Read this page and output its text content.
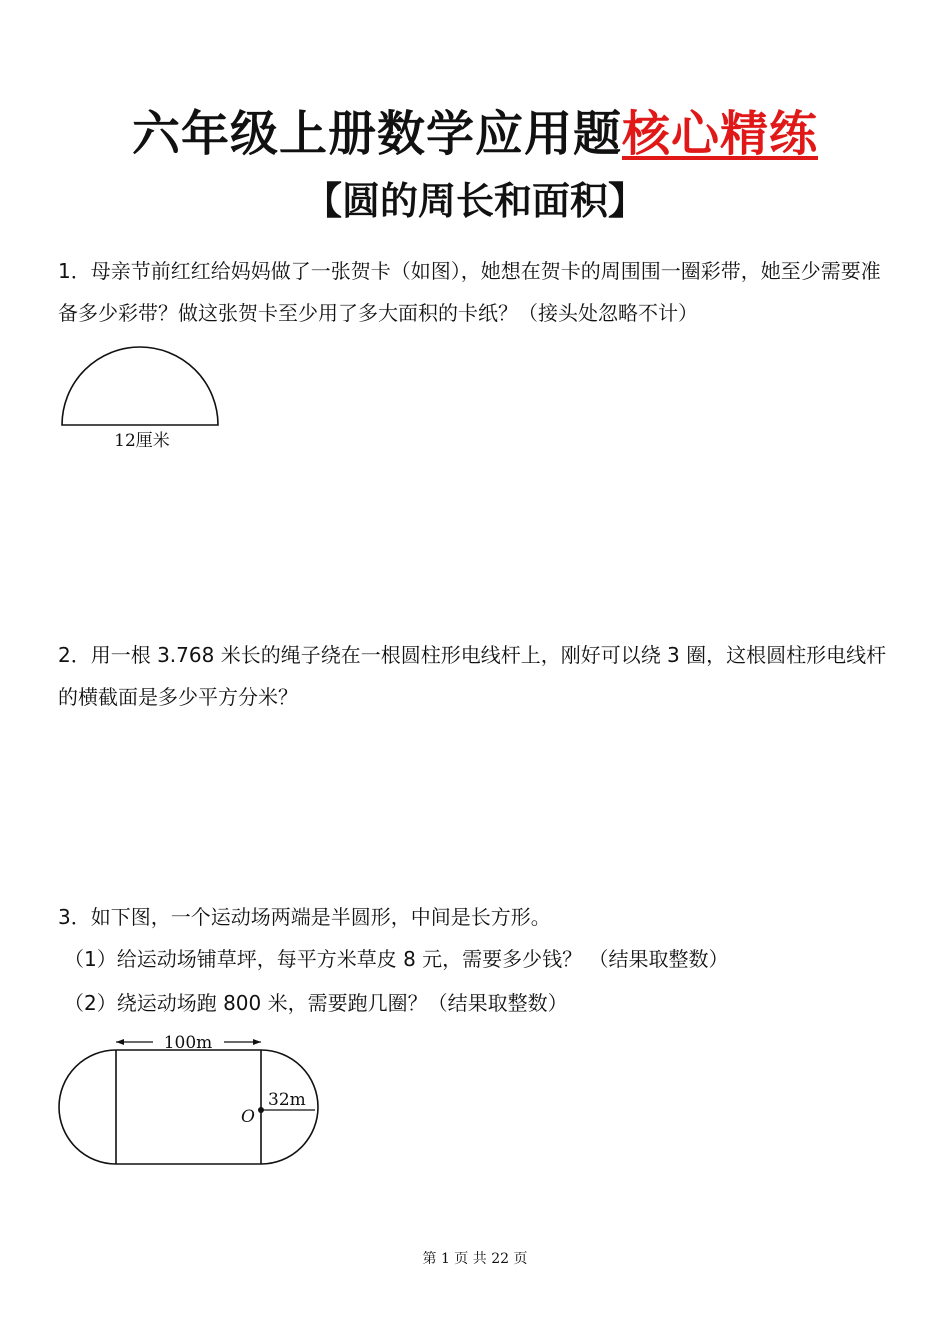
六年级上册数学应用题核心精练
【圆的周长和面积】
1．母亲节前红红给妈妈做了一张贺卡（如图），她想在贺卡的周围围一圈彩带，她至少需要准备多少彩带？做这张贺卡至少用了多大面积的卡纸？（接头处忽略不计）
12厘米
2．用一根 3.768 米长的绳子绕在一根圆柱形电线杆上，刚好可以绕 3 圈，这根圆柱形电线杆的横截面是多少平方分米？
3．如下图，一个运动场两端是半圆形，中间是长方形。
（1）给运动场铺草坪，每平方米草皮 8 元，需要多少钱？ （结果取整数）
（2）绕运动场跑 800 米，需要跑几圈？（结果取整数）
100m
O
32m
第 1 页 共 22 页
